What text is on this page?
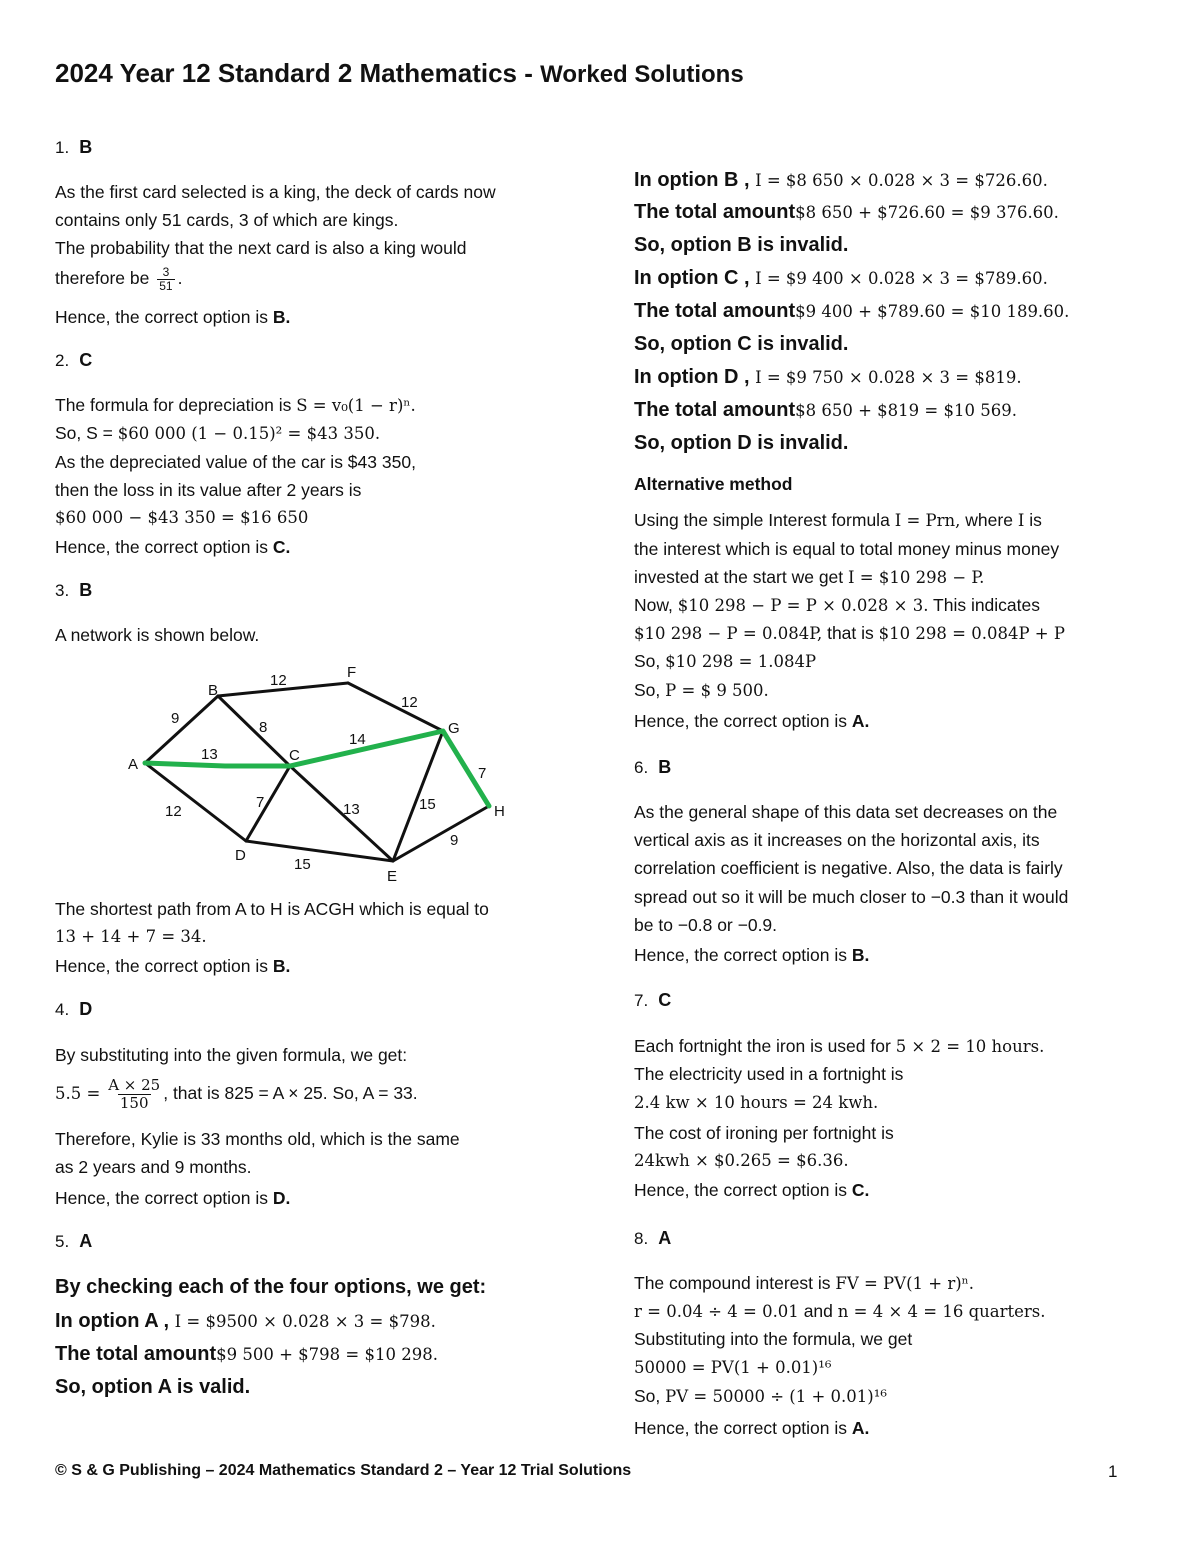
2024 Year 12 Standard 2 Mathematics - Worked Solutions
1. B
As the first card selected is a king, the deck of cards now
contains only 51 cards, 3 of which are kings.
The probability that the next card is also a king would
therefore be $\frac{3}{51}$ .
Hence, the correct option is B.
2. C
The formula for depreciation is S = v₀(1 − r)ⁿ.
So, S = $60 000 (1 − 0.15)² = $43 350.
As the depreciated value of the car is $43 350,
then the loss in its value after 2 years is
$60 000 − $43 350 = $16 650
Hence, the correct option is C.
3. B
A network is shown below.
A
B
C
D
E
F
G
H
9
13
12
12
8
12
14
7	13
15
15
7
9
The shortest path from A to H is ACGH which is equal to
13 + 14 + 7 = 34.
Hence, the correct option is B.
4. D
By substituting into the given formula, we get:
$5.5 = \frac{A \times 25}{150}$ , that is 825 = A × 25. So, A = 33.
Therefore, Kylie is 33 months old, which is the same
as 2 years and 9 months.
Hence, the correct option is D.
5. A
By checking each of the four options, we get:
In option A , I = $9500 × 0.028 × 3 = $798.
The total amount$9 500 + $798 = $10 298.
So, option A is valid.
In option B , I = $8 650 × 0.028 × 3 = $726.60.
The total amount$8 650 + $726.60 = $9 376.60.
So, option B is invalid.
In option C , I = $9 400 × 0.028 × 3 = $789.60.
The total amount$9 400 + $789.60 = $10 189.60.
So, option C is invalid.
In option D , I = $9 750 × 0.028 × 3 = $819.
The total amount$8 650 + $819 = $10 569.
So, option D is invalid.
Alternative method
Using the simple Interest formula I = Prn, where I is
the interest which is equal to total money minus money
invested at the start we get I = $10 298 − P.
Now, $10 298 − P = P × 0.028 × 3. This indicates
$10 298 − P = 0.084P, that is $10 298 = 0.084P + P
So, $10 298 = 1.084P
So, P = $ 9 500.
Hence, the correct option is A.
6. B
As the general shape of this data set decreases on the
vertical axis as it increases on the horizontal axis, its
correlation coefficient is negative. Also, the data is fairly
spread out so it will be much closer to −0.3 than it would
be to −0.8 or −0.9.
Hence, the correct option is B.
7. C
Each fortnight the iron is used for 5 × 2 = 10 hours.
The electricity used in a fortnight is
2.4 kw × 10 hours = 24 kwh.
The cost of ironing per fortnight is
24kwh × $0.265 = $6.36.
Hence, the correct option is C.
8. A
The compound interest is FV = PV(1 + r)ⁿ.
r = 0.04 ÷ 4 = 0.01 and n = 4 × 4 = 16 quarters.
Substituting into the formula, we get
50000 = PV(1 + 0.01)¹⁶
So, PV = 50000 ÷ (1 + 0.01)¹⁶
Hence, the correct option is A.
© S & G Publishing – 2024 Mathematics Standard 2 – Year 12 Trial Solutions	1
